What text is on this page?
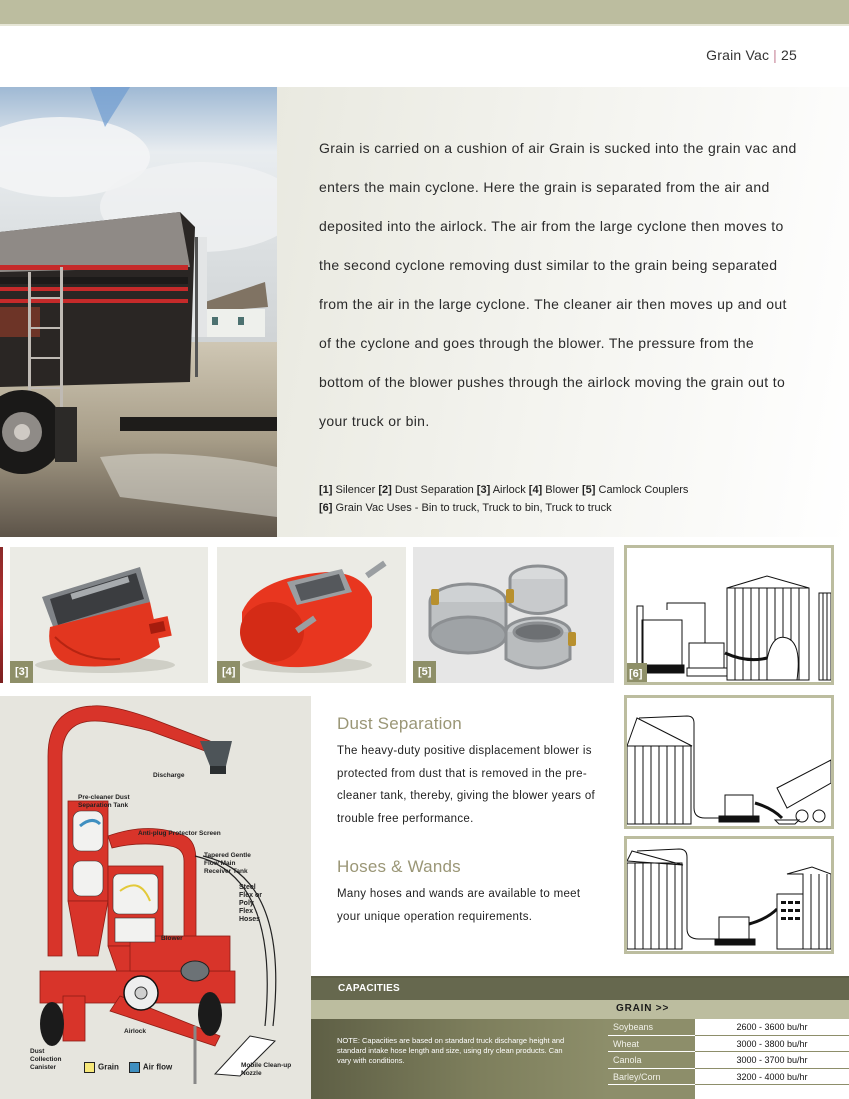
Grain Vac | 25

Grain is carried on a cushion of air Grain is sucked into the grain vac and enters the main cyclone. Here the grain is separated from the air and deposited into the airlock. The air from the large cyclone then moves to the second cyclone removing dust similar to the grain being separated from the air in the large cyclone. The cleaner air then moves up and out of the cyclone and goes through the blower. The pressure from the bottom of the blower pushes through the airlock moving the grain out to your truck or bin.

[1] Silencer [2] Dust Separation [3] Airlock [4] Blower [5] Camlock Couplers
[6] Grain Vac Uses - Bin to truck, Truck to bin, Truck to truck
[3]	[4]	[5]	[6]
Discharge
Pre-cleaner Dust Separation Tank
Anti-plug Protector Screen
Tapered Gentle Flow Main Receiver Tank
Steel Flex or Poly Flex Hoses
Blower
Airlock
Dust Collection Canister	Mobile Clean-up Nozzle
Grain	Air flow
Dust Separation

The heavy-duty positive displacement blower is protected from dust that is removed in the pre-cleaner tank, thereby, giving the blower years of trouble free performance.

Hoses & Wands

Many hoses and wands are available to meet your unique operation requirements.

CAPACITIES
GRAIN >>

NOTE: Capacities are based on standard truck discharge height and standard intake hose length and size, using dry clean products. Can vary with conditions.

Soybeans	2600 - 3600 bu/hr
Wheat	3000 - 3800 bu/hr
Canola	3000 - 3700 bu/hr
Barley/Corn	3200 - 4000 bu/hr
